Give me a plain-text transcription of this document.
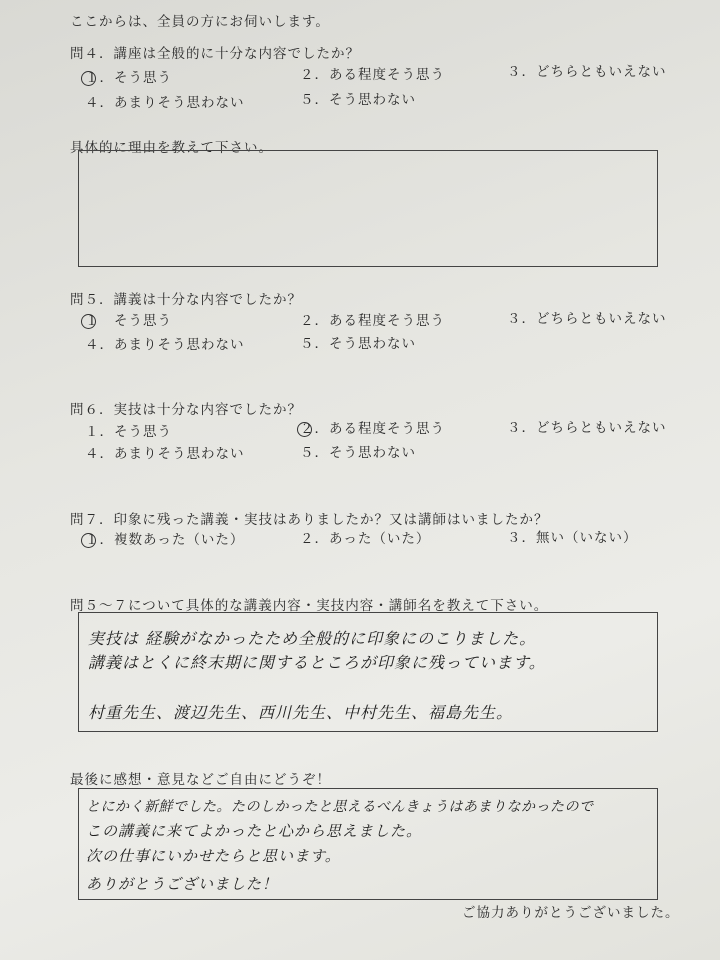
ここからは、全員の方にお伺いします。
問４．講座は全般的に十分な内容でしたか？
１．そう思う	２．ある程度そう思う	３．どちらともいえない
４．あまりそう思わない	５．そう思わない
具体的に理由を教えて下さい。
問５．講義は十分な内容でしたか？
１　そう思う	２．ある程度そう思う	３．どちらともいえない
４．あまりそう思わない	５．そう思わない
問６．実技は十分な内容でしたか？
１．そう思う	２．ある程度そう思う	３．どちらともいえない
４．あまりそう思わない	５．そう思わない
問７．印象に残った講義・実技はありましたか？又は講師はいましたか？
１．複数あった（いた）	２．あった（いた）	３．無い（いない）
問５～７について具体的な講義内容・実技内容・講師名を教えて下さい。
実技は 経験がなかったため全般的に印象にのこりました。
講義はとくに終末期に関するところが印象に残っています。
村重先生、渡辺先生、西川先生、中村先生、福島先生。
最後に感想・意見などご自由にどうぞ！
とにかく新鮮でした。たのしかったと思えるべんきょうはあまりなかったので
この講義に来てよかったと心から思えました。
次の仕事にいかせたらと思います。
ありがとうございました！
ご協力ありがとうございました。
